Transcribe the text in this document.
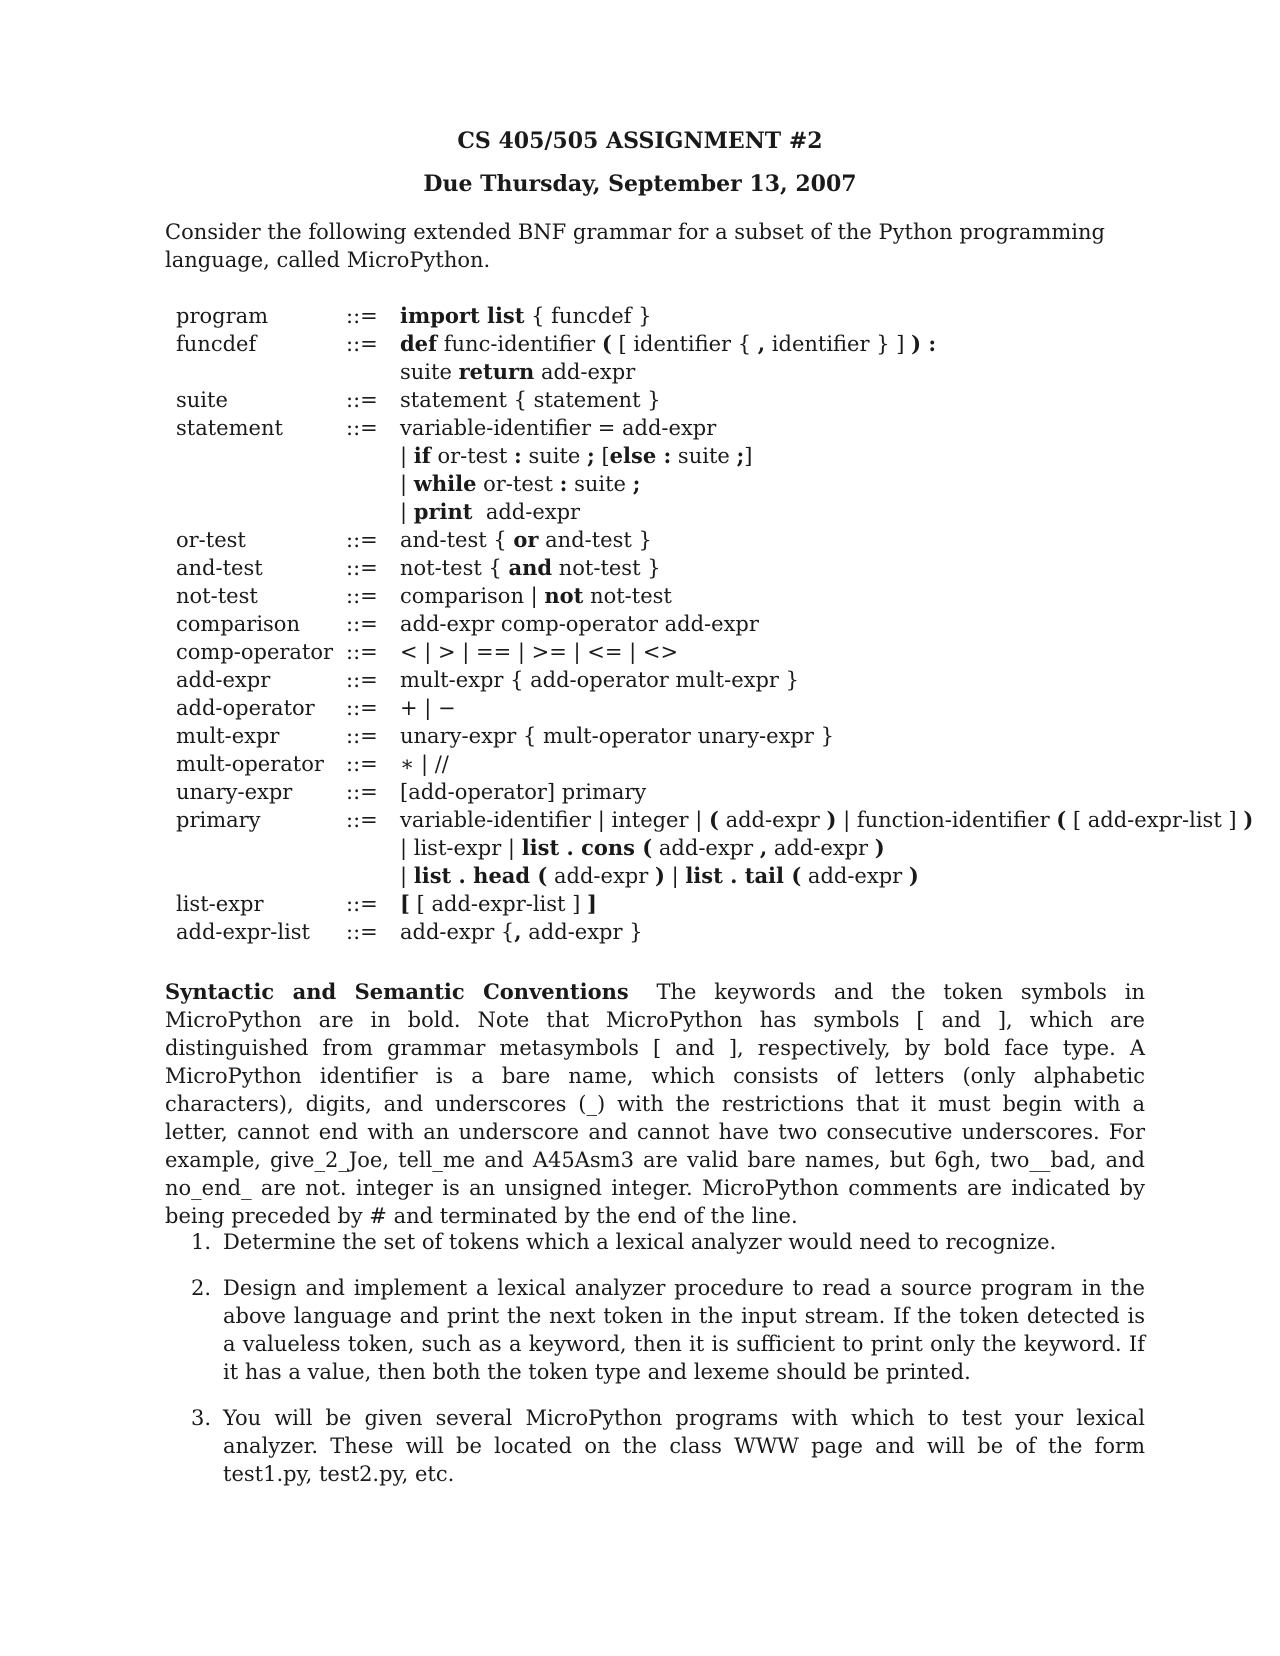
CS 405/505 ASSIGNMENT #2
Due Thursday, September 13, 2007
Consider the following extended BNF grammar for a subset of the Python programming language, called MicroPython.
program	::= import list { funcdef }
funcdef	::= def func-identifier ( [ identifier { , identifier } ] ) :
suite return add-expr
suite	::= statement { statement }
statement	::= variable-identifier = add-expr
| if or-test : suite ; [else : suite ;]
| while or-test : suite ;
| print  add-expr
or-test	::= and-test { or and-test }
and-test	::= not-test { and not-test }
not-test	::= comparison | not not-test
comparison ::= add-expr comp-operator add-expr
comp-operator ::= < | > | == | >= | <= | <>
add-expr	::= mult-expr { add-operator mult-expr }
add-operator ::= + | −
mult-expr	::= unary-expr { mult-operator unary-expr }
mult-operator ::= ∗ | //
unary-expr	::= [add-operator] primary
primary	::= variable-identifier | integer | ( add-expr ) | function-identifier ( [ add-expr-list ] )
| list-expr | list . cons ( add-expr , add-expr )
| list . head ( add-expr ) | list . tail ( add-expr )
list-expr	::= [ [ add-expr-list ] ]
add-expr-list ::= add-expr {, add-expr }
Syntactic and Semantic Conventions The keywords and the token symbols in MicroPython are in bold. Note that MicroPython has symbols [ and ], which are distinguished from grammar metasymbols [ and ], respectively, by bold face type. A MicroPython identifier is a bare name, which consists of letters (only alphabetic characters), digits, and underscores (_) with the restrictions that it must begin with a letter, cannot end with an underscore and cannot have two consecutive underscores. For example, give_2_Joe, tell_me and A45Asm3 are valid bare names, but 6gh, two__bad, and no_end_ are not. integer is an unsigned integer. MicroPython comments are indicated by being preceded by # and terminated by the end of the line.
1. Determine the set of tokens which a lexical analyzer would need to recognize.
2. Design and implement a lexical analyzer procedure to read a source program in the above language and print the next token in the input stream. If the token detected is a valueless token, such as a keyword, then it is sufficient to print only the keyword. If it has a value, then both the token type and lexeme should be printed.
3. You will be given several MicroPython programs with which to test your lexical analyzer. These will be located on the class WWW page and will be of the form test1.py, test2.py, etc.
